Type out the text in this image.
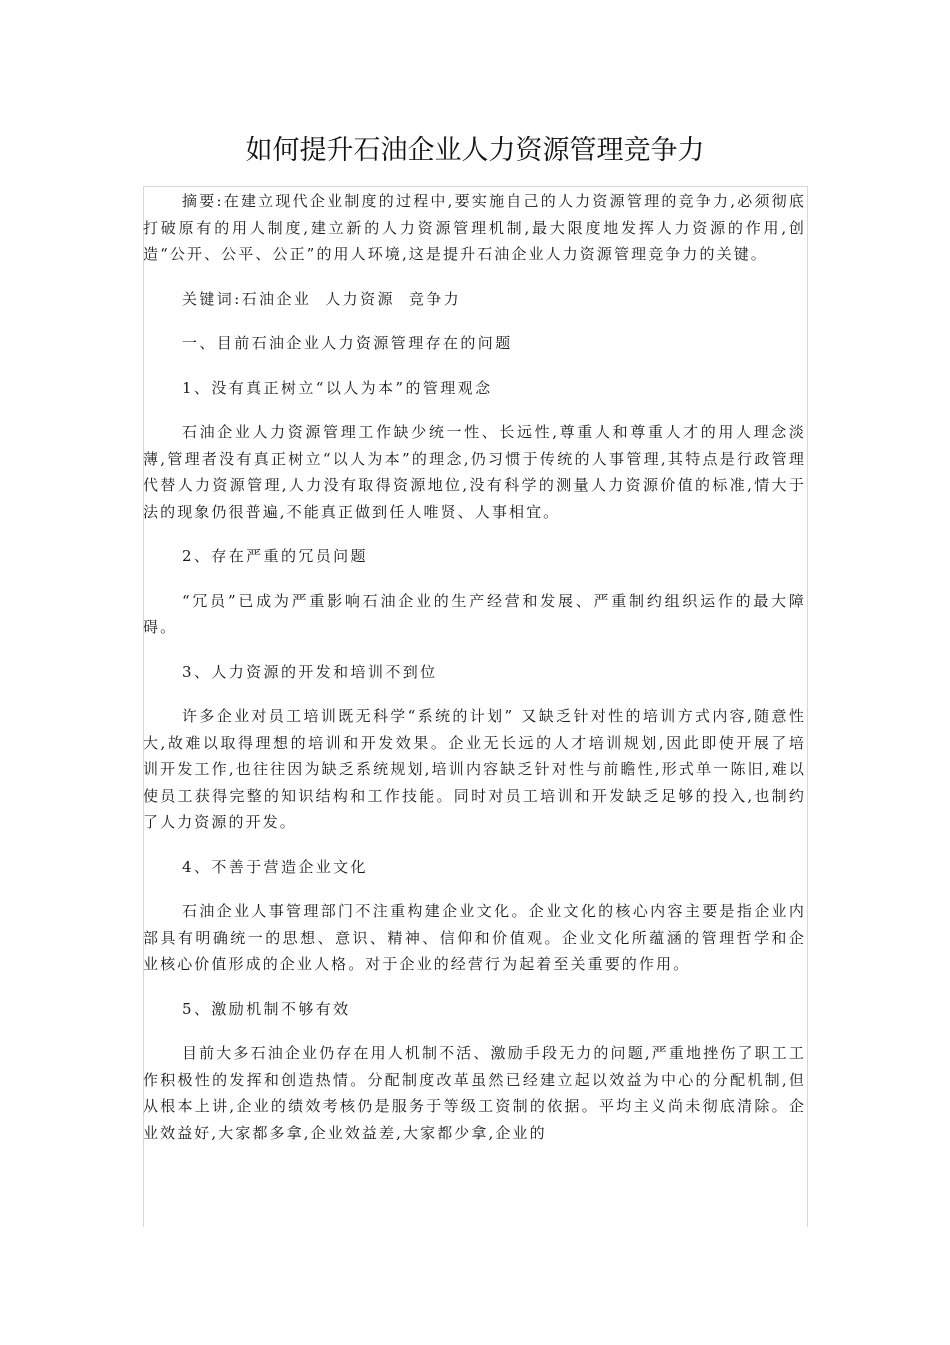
如何提升石油企业人力资源管理竞争力

摘要:在建立现代企业制度的过程中,要实施自己的人力资源管理的竞争力,必须彻底打破原有的用人制度,建立新的人力资源管理机制,最大限度地发挥人力资源的作用,创造“公开、公平、公正”的用人环境,这是提升石油企业人力资源管理竞争力的关键。

关键词:石油企业 人力资源 竞争力

一、目前石油企业人力资源管理存在的问题

1、没有真正树立“以人为本”的管理观念

石油企业人力资源管理工作缺少统一性、长远性,尊重人和尊重人才的用人理念淡薄,管理者没有真正树立“以人为本”的理念,仍习惯于传统的人事管理,其特点是行政管理代替人力资源管理,人力没有取得资源地位,没有科学的测量人力资源价值的标准,情大于法的现象仍很普遍,不能真正做到任人唯贤、人事相宜。

2、存在严重的冗员问题

“冗员”已成为严重影响石油企业的生产经营和发展、严重制约组织运作的最大障碍。

3、人力资源的开发和培训不到位

许多企业对员工培训既无科学“系统的计划” 又缺乏针对性的培训方式内容,随意性大,故难以取得理想的培训和开发效果。企业无长远的人才培训规划,因此即使开展了培训开发工作,也往往因为缺乏系统规划,培训内容缺乏针对性与前瞻性,形式单一陈旧,难以使员工获得完整的知识结构和工作技能。同时对员工培训和开发缺乏足够的投入,也制约了人力资源的开发。

4、不善于营造企业文化

石油企业人事管理部门不注重构建企业文化。企业文化的核心内容主要是指企业内部具有明确统一的思想、意识、精神、信仰和价值观。企业文化所蕴涵的管理哲学和企业核心价值形成的企业人格。对于企业的经营行为起着至关重要的作用。

5、激励机制不够有效

目前大多石油企业仍存在用人机制不活、激励手段无力的问题,严重地挫伤了职工工作积极性的发挥和创造热情。分配制度改革虽然已经建立起以效益为中心的分配机制,但从根本上讲,企业的绩效考核仍是服务于等级工资制的依据。平均主义尚未彻底清除。企业效益好,大家都多拿,企业效益差,大家都少拿,企业的
